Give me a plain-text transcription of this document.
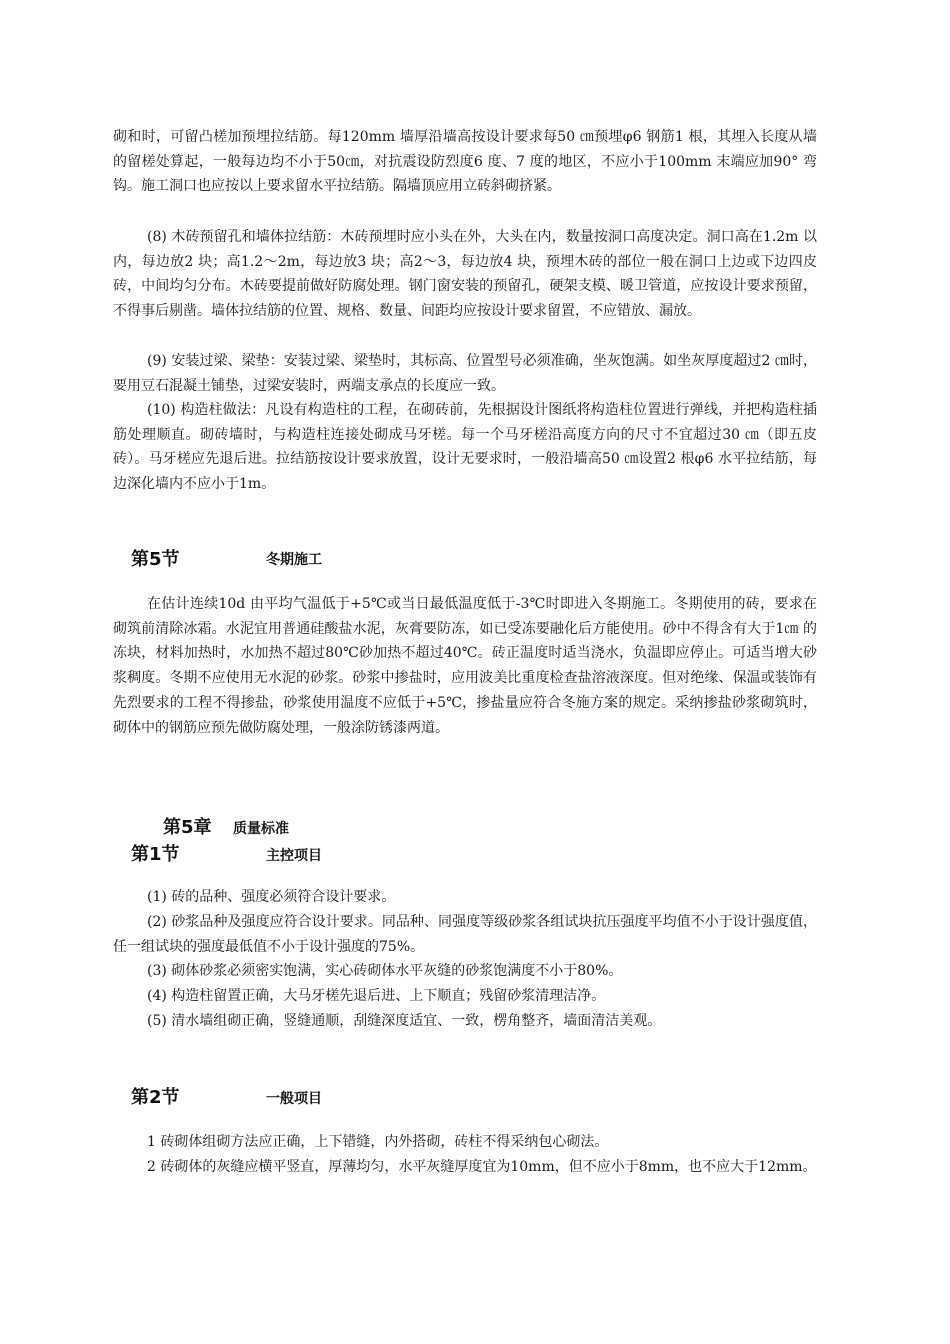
砌和时，可留凸槎加预埋拉结筋。每120mm 墙厚沿墙高按设计要求每50 ㎝预埋φ6 钢筋1 根，其埋入长度从墙的留槎处算起，一般每边均不小于50㎝，对抗震设防烈度6 度、7 度的地区，不应小于100mm 末端应加90° 弯钩。施工洞口也应按以上要求留水平拉结筋。隔墙顶应用立砖斜砌挤紧。

(8) 木砖预留孔和墙体拉结筋：木砖预埋时应小头在外，大头在内，数量按洞口高度决定。洞口高在1.2m 以内，每边放2 块；高1.2～2m，每边放3 块；高2～3，每边放4 块，预埋木砖的部位一般在洞口上边或下边四皮砖，中间均匀分布。木砖要提前做好防腐处理。钢门窗安装的预留孔，硬架支模、暖卫管道，应按设计要求预留，不得事后剔凿。墙体拉结筋的位置、规格、数量、间距均应按设计要求留置，不应错放、漏放。

(9) 安装过梁、梁垫：安装过梁、梁垫时，其标高、位置型号必须准确，坐灰饱满。如坐灰厚度超过2 ㎝时，要用豆石混凝土铺垫，过梁安装时，两端支承点的长度应一致。

(10) 构造柱做法：凡设有构造柱的工程，在砌砖前，先根据设计图纸将构造柱位置进行弹线，并把构造柱插筋处理顺直。砌砖墙时，与构造柱连接处砌成马牙槎。每一个马牙槎沿高度方向的尺寸不宜超过30 ㎝（即五皮砖）。马牙槎应先退后进。拉结筋按设计要求放置，设计无要求时，一般沿墙高50 ㎝设置2 根φ6 水平拉结筋，每边深化墙内不应小于1m。

第5节	冬期施工

在估计连续10d 由平均气温低于+5℃或当日最低温度低于-3℃时即进入冬期施工。冬期使用的砖，要求在砌筑前清除冰霜。水泥宜用普通硅酸盐水泥，灰膏要防冻，如已受冻要融化后方能使用。砂中不得含有大于1㎝ 的冻块，材料加热时，水加热不超过80℃砂加热不超过40℃。砖正温度时适当浇水，负温即应停止。可适当增大砂浆稠度。冬期不应使用无水泥的砂浆。砂浆中掺盐时，应用波美比重度检查盐溶液深度。但对绝缘、保温或装饰有先烈要求的工程不得掺盐，砂浆使用温度不应低于+5℃，掺盐量应符合冬施方案的规定。采纳掺盐砂浆砌筑时，砌体中的钢筋应预先做防腐处理，一般涂防锈漆两道。

第5章 质量标准
第1节	主控项目

(1) 砖的品种、强度必须符合设计要求。

(2) 砂浆品种及强度应符合设计要求。同品种、同强度等级砂浆各组试块抗压强度平均值不小于设计强度值，任一组试块的强度最低值不小于设计强度的75%。

(3) 砌体砂浆必须密实饱满，实心砖砌体水平灰缝的砂浆饱满度不小于80%。

(4) 构造柱留置正确，大马牙槎先退后进、上下顺直；残留砂浆清理洁净。

(5) 清水墙组砌正确，竖缝通顺，刮缝深度适宜、一致，楞角整齐，墙面清洁美观。

第2节	一般项目

1 砖砌体组砌方法应正确，上下错缝，内外搭砌，砖柱不得采纳包心砌法。

2 砖砌体的灰缝应横平竖直，厚薄均匀，水平灰缝厚度宜为10mm，但不应小于8mm，也不应大于12mm。
